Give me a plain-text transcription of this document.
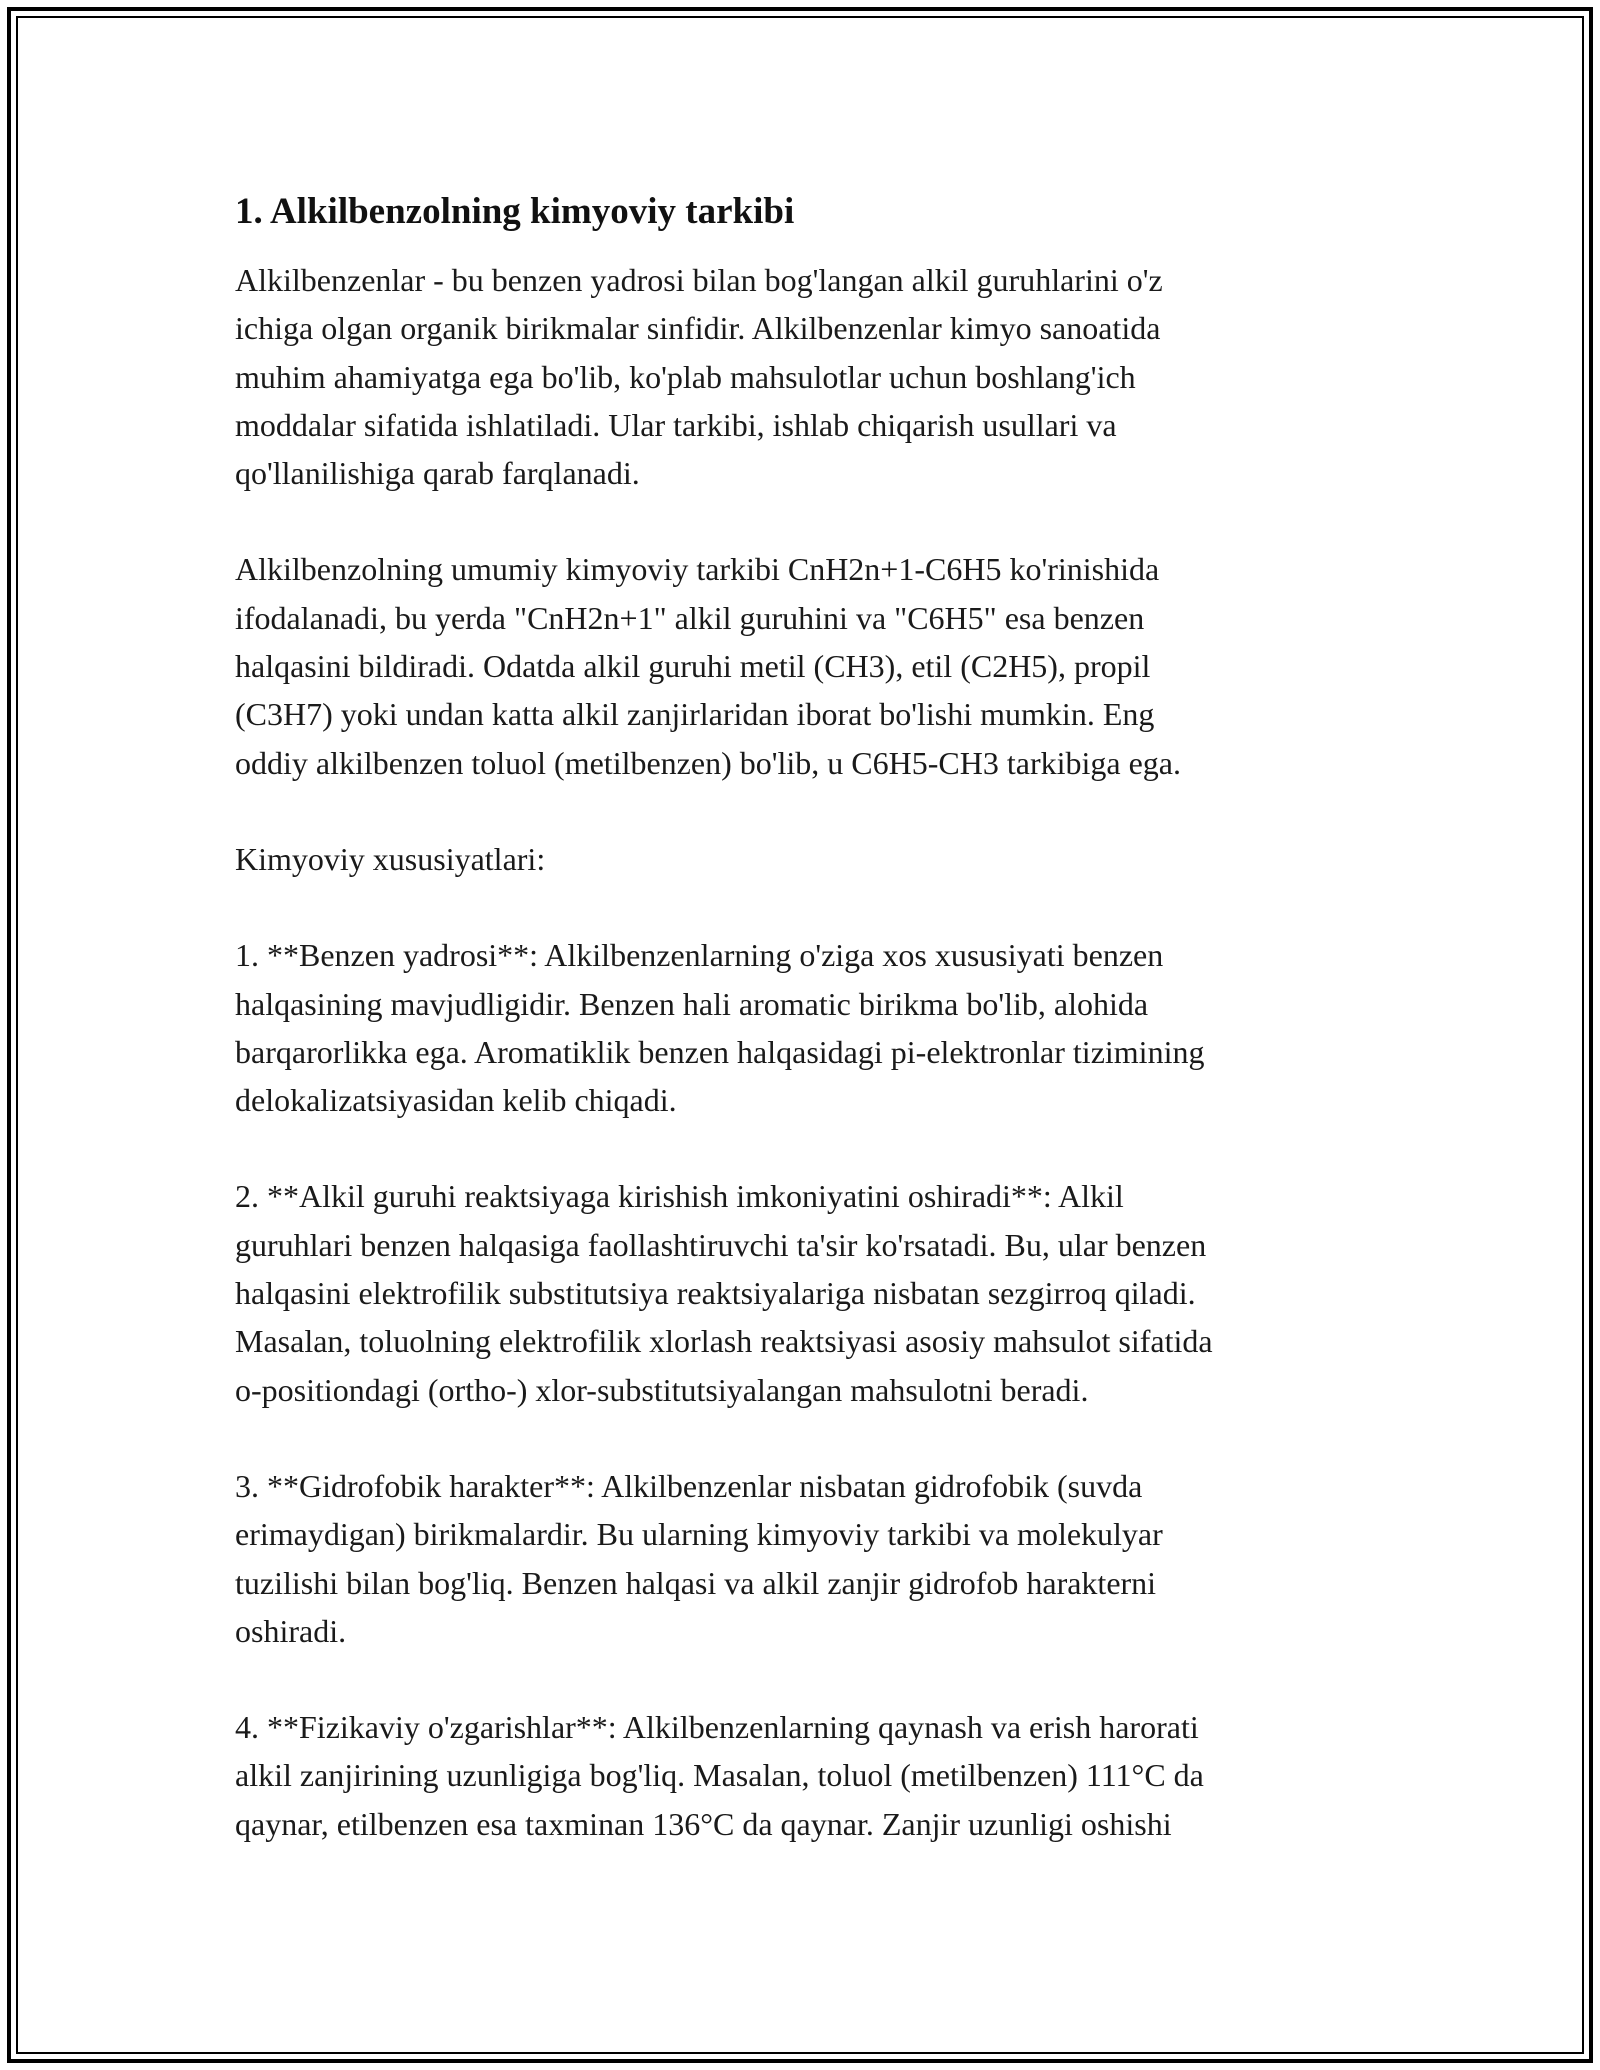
1. Alkilbenzolning kimyoviy tarkibi

Alkilbenzenlar - bu benzen yadrosi bilan bog'langan alkil guruhlarini o'z
ichiga olgan organik birikmalar sinfidir. Alkilbenzenlar kimyo sanoatida
muhim ahamiyatga ega bo'lib, ko'plab mahsulotlar uchun boshlang'ich
moddalar sifatida ishlatiladi. Ular tarkibi, ishlab chiqarish usullari va
qo'llanilishiga qarab farqlanadi.

Alkilbenzolning umumiy kimyoviy tarkibi CnH2n+1-C6H5 ko'rinishida
ifodalanadi, bu yerda "CnH2n+1" alkil guruhini va "C6H5" esa benzen
halqasini bildiradi. Odatda alkil guruhi metil (CH3), etil (C2H5), propil
(C3H7) yoki undan katta alkil zanjirlaridan iborat bo'lishi mumkin. Eng
oddiy alkilbenzen toluol (metilbenzen) bo'lib, u C6H5-CH3 tarkibiga ega.

Kimyoviy xususiyatlari:

1. **Benzen yadrosi**: Alkilbenzenlarning o'ziga xos xususiyati benzen
halqasining mavjudligidir. Benzen hali aromatic birikma bo'lib, alohida
barqarorlikka ega. Aromatiklik benzen halqasidagi pi-elektronlar tizimining
delokalizatsiyasidan kelib chiqadi.

2. **Alkil guruhi reaktsiyaga kirishish imkoniyatini oshiradi**: Alkil
guruhlari benzen halqasiga faollashtiruvchi ta'sir ko'rsatadi. Bu, ular benzen
halqasini elektrofilik substitutsiya reaktsiyalariga nisbatan sezgirroq qiladi.
Masalan, toluolning elektrofilik xlorlash reaktsiyasi asosiy mahsulot sifatida
o-positiondagi (ortho-) xlor-substitutsiyalangan mahsulotni beradi.

3. **Gidrofobik harakter**: Alkilbenzenlar nisbatan gidrofobik (suvda
erimaydigan) birikmalardir. Bu ularning kimyoviy tarkibi va molekulyar
tuzilishi bilan bog'liq. Benzen halqasi va alkil zanjir gidrofob harakterni
oshiradi.

4. **Fizikaviy o'zgarishlar**: Alkilbenzenlarning qaynash va erish harorati
alkil zanjirining uzunligiga bog'liq. Masalan, toluol (metilbenzen) 111°C da
qaynar, etilbenzen esa taxminan 136°C da qaynar. Zanjir uzunligi oshishi
